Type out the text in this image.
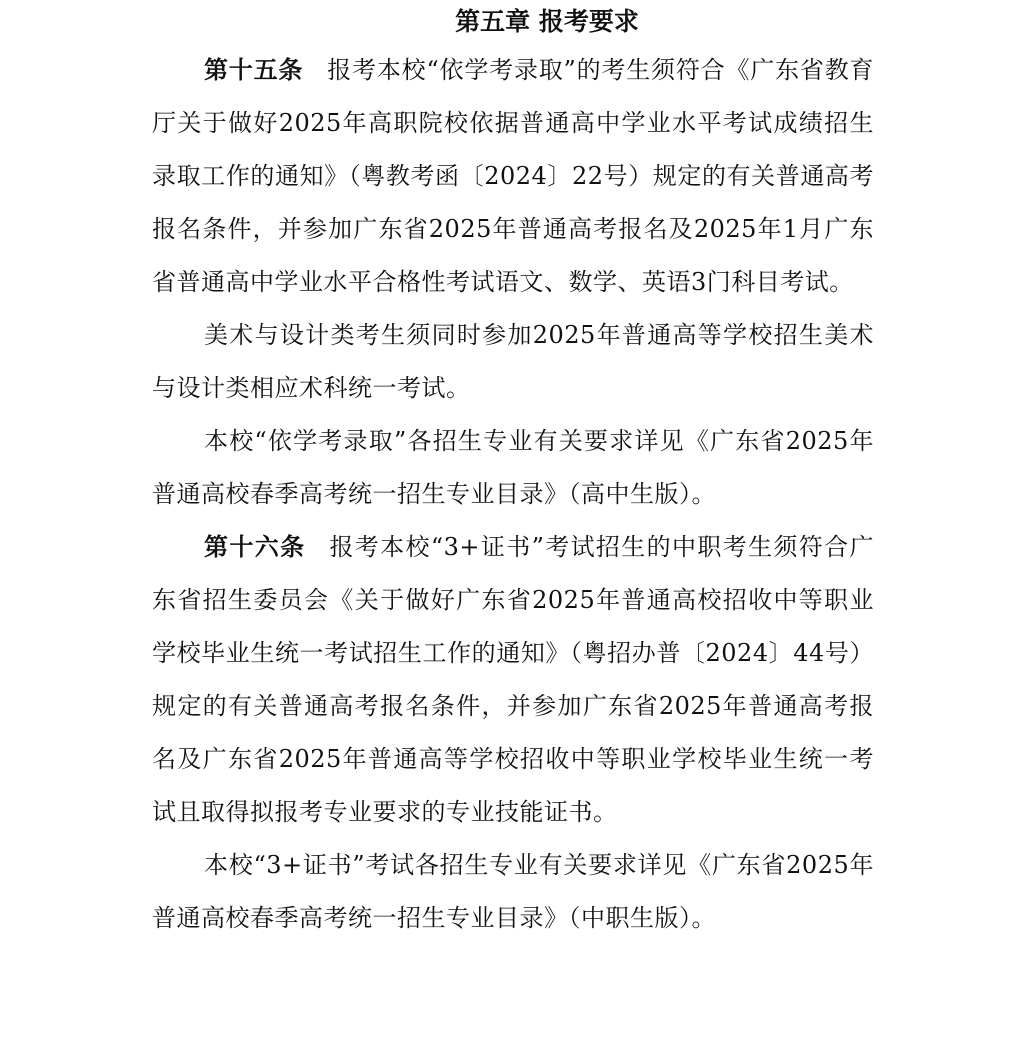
第五章 报考要求

第十五条 报考本校“依学考录取”的考生须符合《广东省教育厅关于做好2025年高职院校依据普通高中学业水平考试成绩招生录取工作的通知》（粤教考函〔2024〕22号）规定的有关普通高考报名条件，并参加广东省2025年普通高考报名及2025年1月广东省普通高中学业水平合格性考试语文、数学、英语3门科目考试。

美术与设计类考生须同时参加2025年普通高等学校招生美术与设计类相应术科统一考试。

本校“依学考录取”各招生专业有关要求详见《广东省2025年普通高校春季高考统一招生专业目录》（高中生版）。

第十六条 报考本校“3+证书”考试招生的中职考生须符合广东省招生委员会《关于做好广东省2025年普通高校招收中等职业学校毕业生统一考试招生工作的通知》（粤招办普〔2024〕44号）规定的有关普通高考报名条件，并参加广东省2025年普通高考报名及广东省2025年普通高等学校招收中等职业学校毕业生统一考试且取得拟报考专业要求的专业技能证书。

本校“3+证书”考试各招生专业有关要求详见《广东省2025年普通高校春季高考统一招生专业目录》（中职生版）。
